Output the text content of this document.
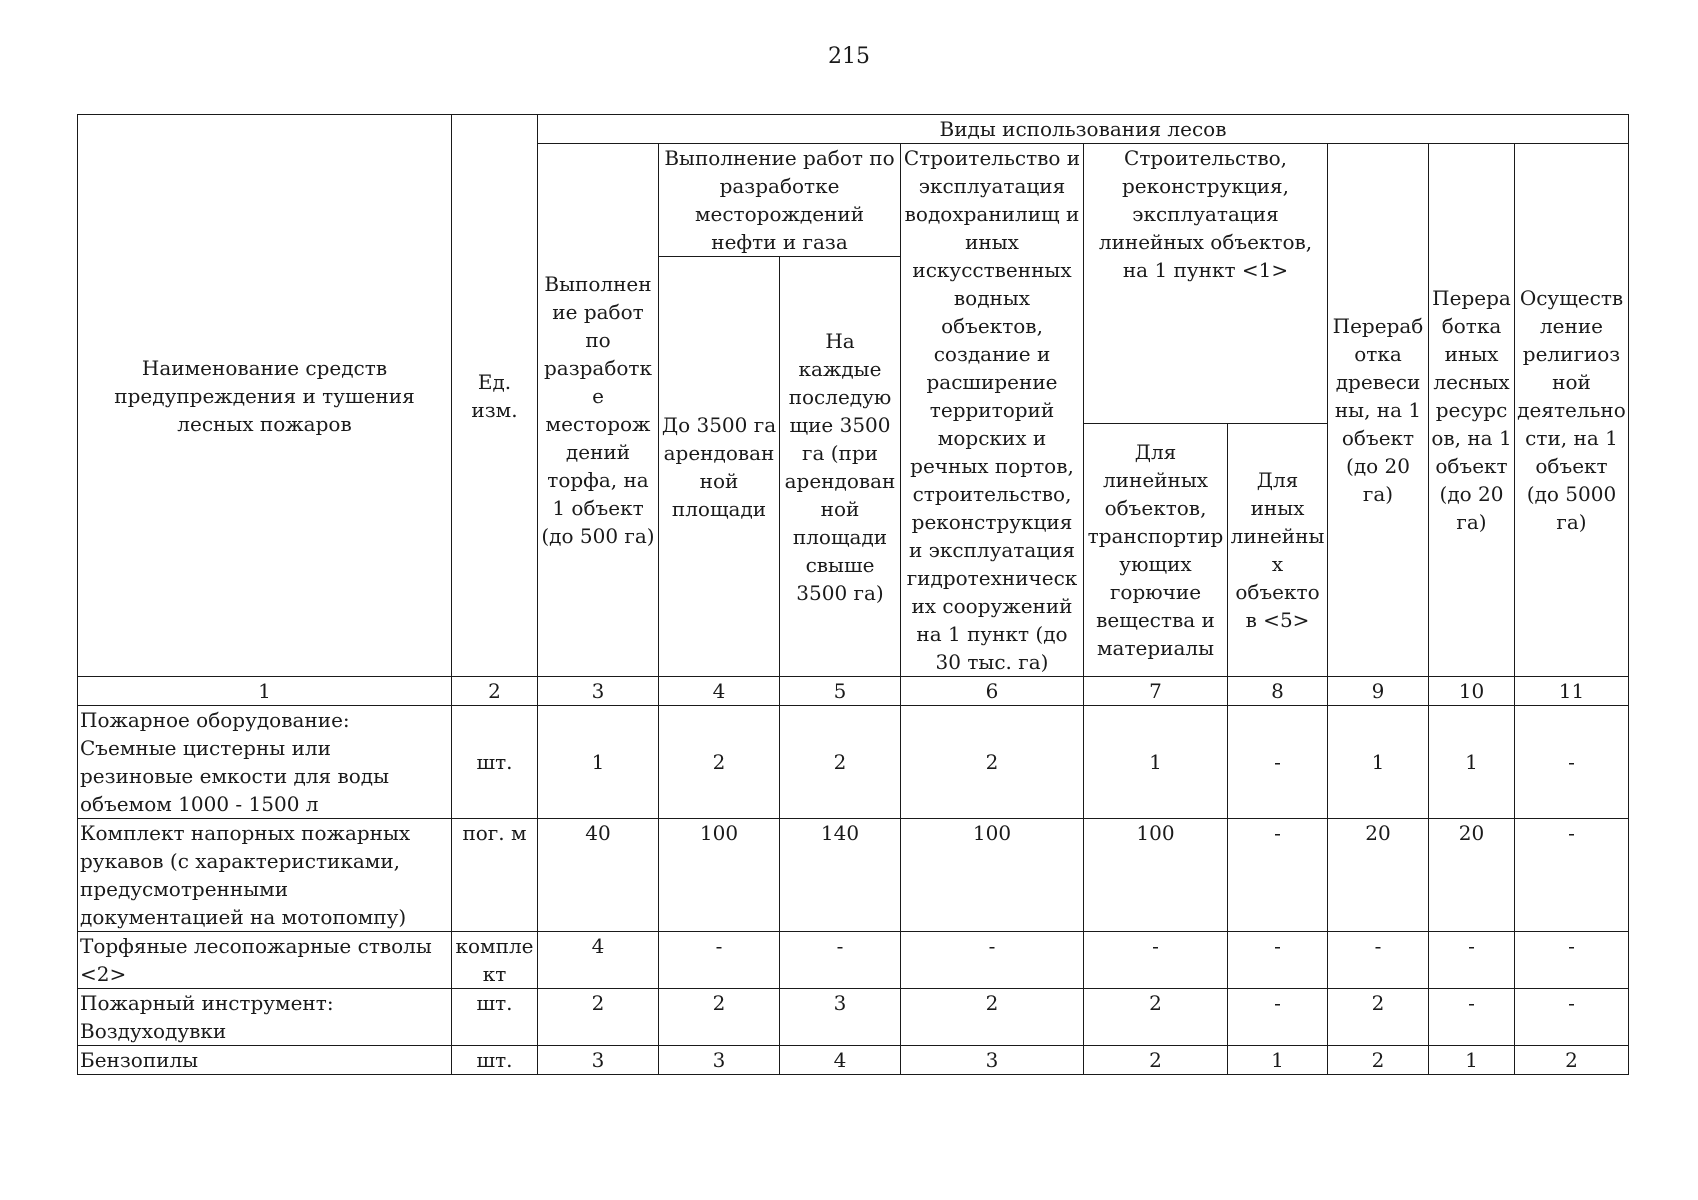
215
Наименование средств предупреждения и тушения лесных пожаров	Ед. изм.	Виды использования лесов								
		Выполнение работ по разработке месторождений торфа, на 1 объект (до 500 га)	Выполнение работ по разработке месторождений нефти и газа		Строительство и эксплуатация водохранилищ и иных искусственных водных объектов, создание и расширение территорий морских и речных портов, строительство, реконструкция и эксплуатация гидротехнических сооружений на 1 пункт (до 30 тыс. га)	Строительство, реконструкция, эксплуатация линейных объектов, на 1 пункт <1>		Переработка древесины, на 1 объект (до 20 га)	Переработка иных лесных ресурсов, на 1 объект (до 20 га)	Осуществление религиозной деятельности, на 1 объект (до 5000 га)
			До 3500 га арендованной площади	На каждые последующие 3500 га (при арендованной площади свыше 3500 га)						
						Для линейных объектов, транспортирующих горючие вещества и материалы	Для иных линейных объектов <5>			
1	2	3	4	5	6	7	8	9	10	11
Пожарное оборудование: Съемные цистерны или резиновые емкости для воды объемом 1000 - 1500 л	шт.	1	2	2	2	1	-	1	1	-
Комплект напорных пожарных рукавов (с характеристиками, предусмотренными документацией на мотопомпу)	пог. м	40	100	140	100	100	-	20	20	-
Торфяные лесопожарные стволы <2>	комплект	4	-	-	-	-	-	-	-	-
Пожарный инструмент: Воздуходувки	шт.	2	2	3	2	2	-	2	-	-
Бензопилы	шт.	3	3	4	3	2	1	2	1	2
